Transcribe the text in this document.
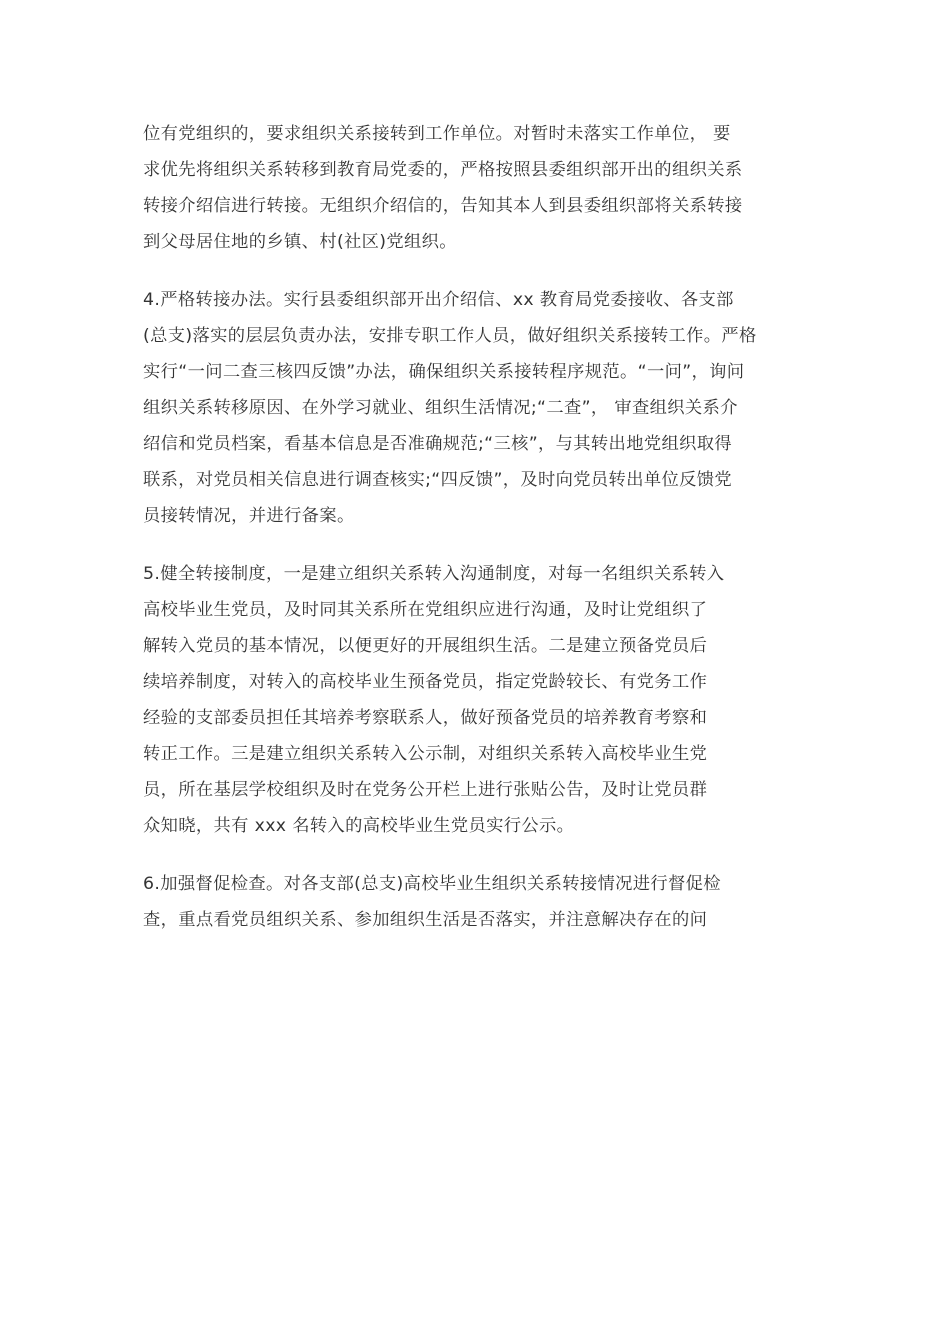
位有党组织的，要求组织关系接转到工作单位。对暂时未落实工作单位， 要
求优先将组织关系转移到教育局党委的，严格按照县委组织部开出的组织关系
转接介绍信进行转接。无组织介绍信的，告知其本人到县委组织部将关系转接
到父母居住地的乡镇、村(社区)党组织。

4.严格转接办法。实行县委组织部开出介绍信、xx 教育局党委接收、各支部
(总支)落实的层层负责办法，安排专职工作人员，做好组织关系接转工作。严格
实行“一问二查三核四反馈”办法，确保组织关系接转程序规范。“一问”，询问
组织关系转移原因、在外学习就业、组织生活情况;“二查”， 审查组织关系介
绍信和党员档案，看基本信息是否准确规范;“三核”，与其转出地党组织取得
联系，对党员相关信息进行调查核实;“四反馈”，及时向党员转出单位反馈党
员接转情况，并进行备案。

5.健全转接制度，一是建立组织关系转入沟通制度，对每一名组织关系转入
高校毕业生党员，及时同其关系所在党组织应进行沟通，及时让党组织了
解转入党员的基本情况，以便更好的开展组织生活。二是建立预备党员后
续培养制度，对转入的高校毕业生预备党员，指定党龄较长、有党务工作
经验的支部委员担任其培养考察联系人，做好预备党员的培养教育考察和
转正工作。三是建立组织关系转入公示制，对组织关系转入高校毕业生党
员，所在基层学校组织及时在党务公开栏上进行张贴公告，及时让党员群
众知晓，共有 xxx 名转入的高校毕业生党员实行公示。

6.加强督促检查。对各支部(总支)高校毕业生组织关系转接情况进行督促检
查，重点看党员组织关系、参加组织生活是否落实，并注意解决存在的问
